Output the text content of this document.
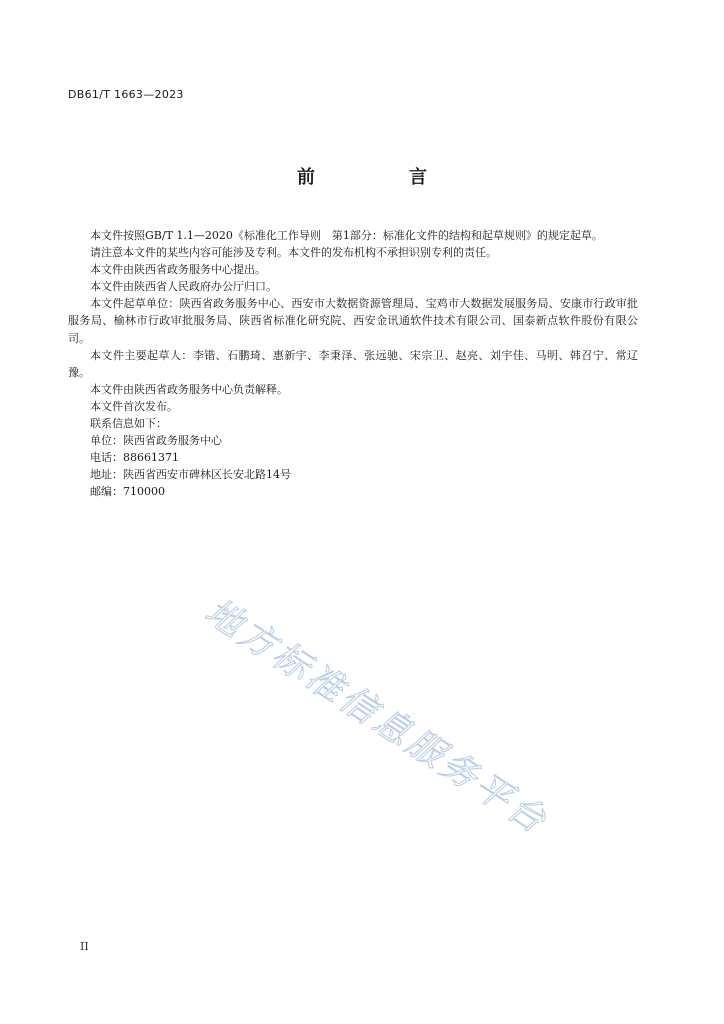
DB61/T 1663—2023
前　言

本文件按照GB/T 1.1—2020《标准化工作导则　第1部分：标准化文件的结构和起草规则》的规定起草。

请注意本文件的某些内容可能涉及专利。本文件的发布机构不承担识别专利的责任。

本文件由陕西省政务服务中心提出。

本文件由陕西省人民政府办公厅归口。

本文件起草单位：陕西省政务服务中心、西安市大数据资源管理局、宝鸡市大数据发展服务局、安康市行政审批服务局、榆林市行政审批服务局、陕西省标准化研究院、西安金讯通软件技术有限公司、国泰新点软件股份有限公司。

本文件主要起草人：李锴、石鹏琦、惠新宇、李秉泽、张远驰、宋宗卫、赵亮、刘宇佳、马明、韩召宁、常辽豫。

本文件由陕西省政务服务中心负责解释。

本文件首次发布。

联系信息如下：

单位：陕西省政务服务中心

电话：88661371

地址：陕西省西安市碑林区长安北路14号

邮编：710000

地方标准信息服务平台
II
